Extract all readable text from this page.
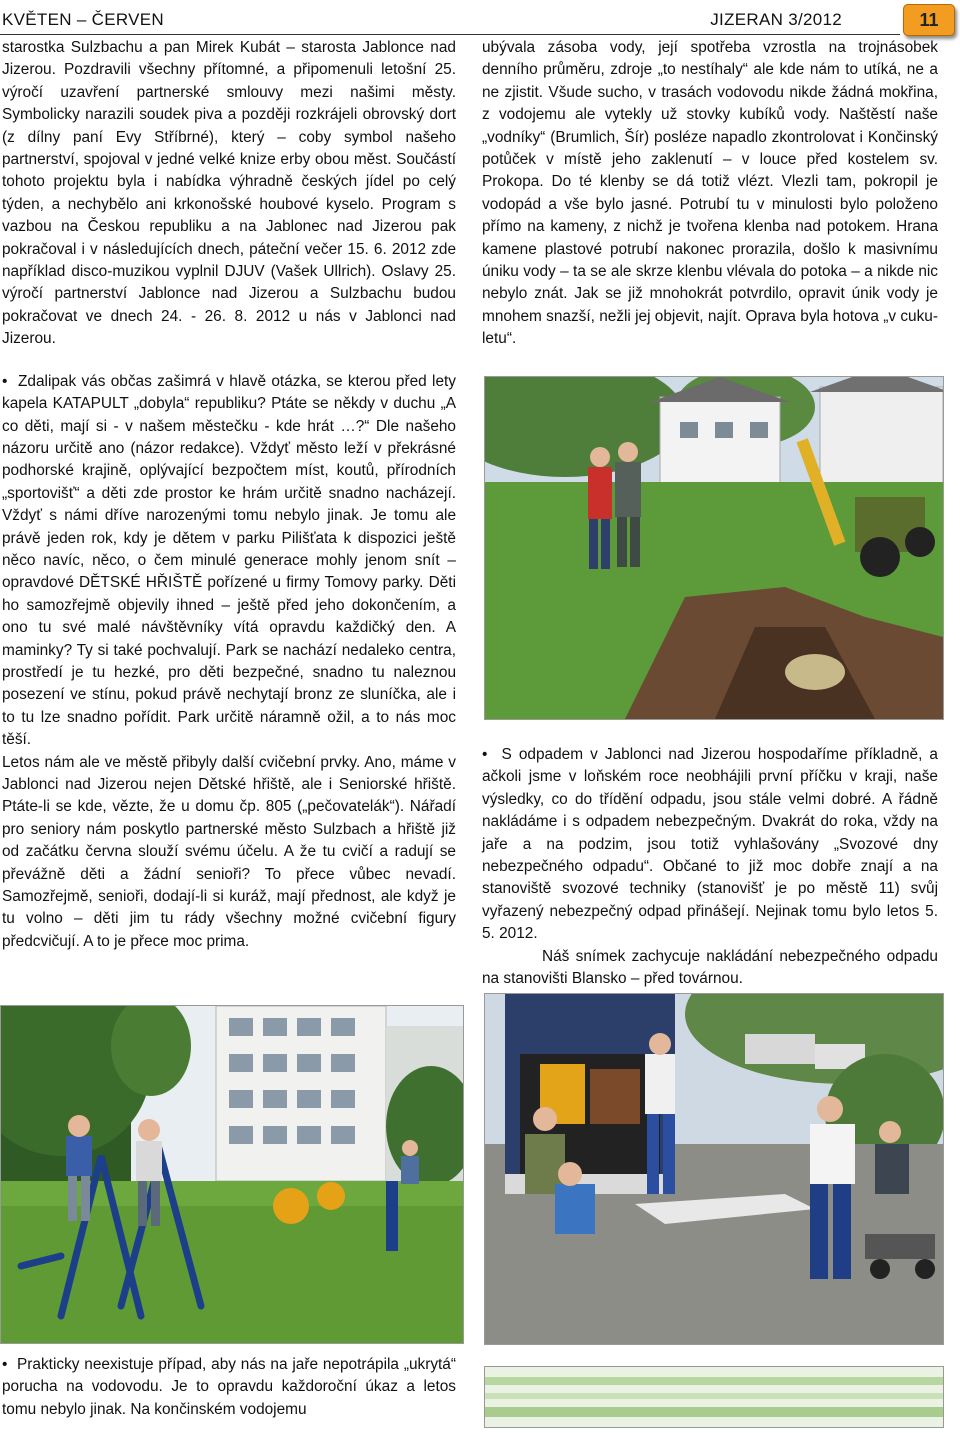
KVĚTEN – ČERVEN	JIZERAN 3/2012	11

starostka Sulzbachu a pan Mirek Kubát – starosta Jablonce nad Jizerou. Pozdravili všechny přítomné, a připomenuli letošní 25. výročí uzavření partnerské smlouvy mezi našimi městy. Symbolicky narazili soudek piva a později rozkrájeli obrovský dort (z dílny paní Evy Stříbrné), který – coby symbol našeho partnerství, spojoval v jedné velké knize erby obou měst. Součástí tohoto projektu byla i nabídka výhradně českých jídel po celý týden, a nechybělo ani krkonošské houbové kyselo. Program s vazbou na Českou republiku a na Jablonec nad Jizerou pak pokračoval i v následujících dnech, páteční večer 15. 6. 2012 zde například disco-muzikou vyplnil DJUV (Vašek Ullrich). Oslavy 25. výročí partnerství Jablonce nad Jizerou a Sulzbachu budou pokračovat ve dnech 24. - 26. 8. 2012 u nás v Jablonci nad Jizerou.

•  Zdalipak vás občas zašimrá v hlavě otázka, se kterou před lety kapela KATAPULT „dobyla“ republiku? Ptáte se někdy v duchu „A co děti, mají si - v našem městečku - kde hrát …?“ Dle našeho názoru určitě ano (názor redakce). Vždyť město leží v překrásné podhorské krajině, oplývající bezpočtem míst, koutů, přírodních „sportovišť“ a děti zde prostor ke hrám určitě snadno nacházejí. Vždyť s námi dříve narozenými tomu nebylo jinak. Je tomu ale právě jeden rok, kdy je dětem v parku Pilišťata k dispozici ještě něco navíc, něco, o čem minulé generace mohly jenom snít – opravdové DĚTSKÉ HŘIŠTĚ pořízené u firmy Tomovy parky. Děti ho samozřejmě objevily ihned – ještě před jeho dokončením, a ono tu své malé návštěvníky vítá opravdu každičký den. A maminky? Ty si také pochvalují. Park se nachází nedaleko centra, prostředí je tu hezké, pro děti bezpečné, snadno tu naleznou posezení ve stínu, pokud právě nechytají bronz ze sluníčka, ale i to tu lze snadno pořídit. Park určitě náramně ožil, a to nás moc těší.

Letos nám ale ve městě přibyly další cvičební prvky. Ano, máme v Jablonci nad Jizerou nejen Dětské hřiště, ale i Seniorské hřiště. Ptáte-li se kde, vězte, že u domu čp. 805 („pečovatelák“). Nářadí pro seniory nám poskytlo partnerské město Sulzbach a hřiště již od začátku června slouží svému účelu. A že tu cvičí a radují se převážně děti a žádní senioři? To přece vůbec nevadí. Samozřejmě, senioři, dodají-li si kuráž, mají přednost, ale když je tu volno – děti jim tu rády všechny možné cvičební figury předcvičují. A to je přece moc prima.

•  Prakticky neexistuje případ, aby nás na jaře nepotrápila „ukrytá“ porucha na vodovodu. Je to opravdu každoroční úkaz a letos tomu nebylo jinak. Na končinském vodojemu

ubývala zásoba vody, její spotřeba vzrostla na trojnásobek denního průměru, zdroje „to nestíhaly“ ale kde nám to utíká, ne a ne zjistit. Všude sucho, v trasách vodovodu nikde žádná mokřina, z vodojemu ale vytekly už stovky kubíků vody. Naštěstí naše „vodníky“ (Brumlich, Šír) posléze napadlo zkontrolovat i Končinský potůček v místě jeho zaklenutí – v louce před kostelem sv. Prokopa. Do té klenby se dá totiž vlézt. Vlezli tam, pokropil je vodopád a vše bylo jasné. Potrubí tu v minulosti bylo položeno přímo na kameny, z nichž je tvořena klenba nad potokem. Hrana kamene plastové potrubí nakonec prorazila, došlo k masivnímu úniku vody – ta se ale skrze klenbu vlévala do potoka – a nikde nic nebylo znát. Jak se již mnohokrát potvrdilo, opravit únik vody je mnohem snazší, nežli jej objevit, najít. Oprava byla hotova „v cuku-letu“.

•  S odpadem v Jablonci nad Jizerou hospodaříme příkladně, a ačkoli jsme v loňském roce neobhájili první příčku v kraji, naše výsledky, co do třídění odpadu, jsou stále velmi dobré. A řádně nakládáme i s odpadem nebezpečným. Dvakrát do roka, vždy na jaře a na podzim, jsou totiž vyhlašovány „Svozové dny nebezpečného odpadu“. Občané to již moc dobře znají a na stanoviště svozové techniky (stanovišť je po městě 11) svůj vyřazený nebezpečný odpad přinášejí. Nejinak tomu bylo letos 5. 5. 2012.

Náš snímek zachycuje nakládání nebezpečného odpadu na stanovišti Blansko – před továrnou.
